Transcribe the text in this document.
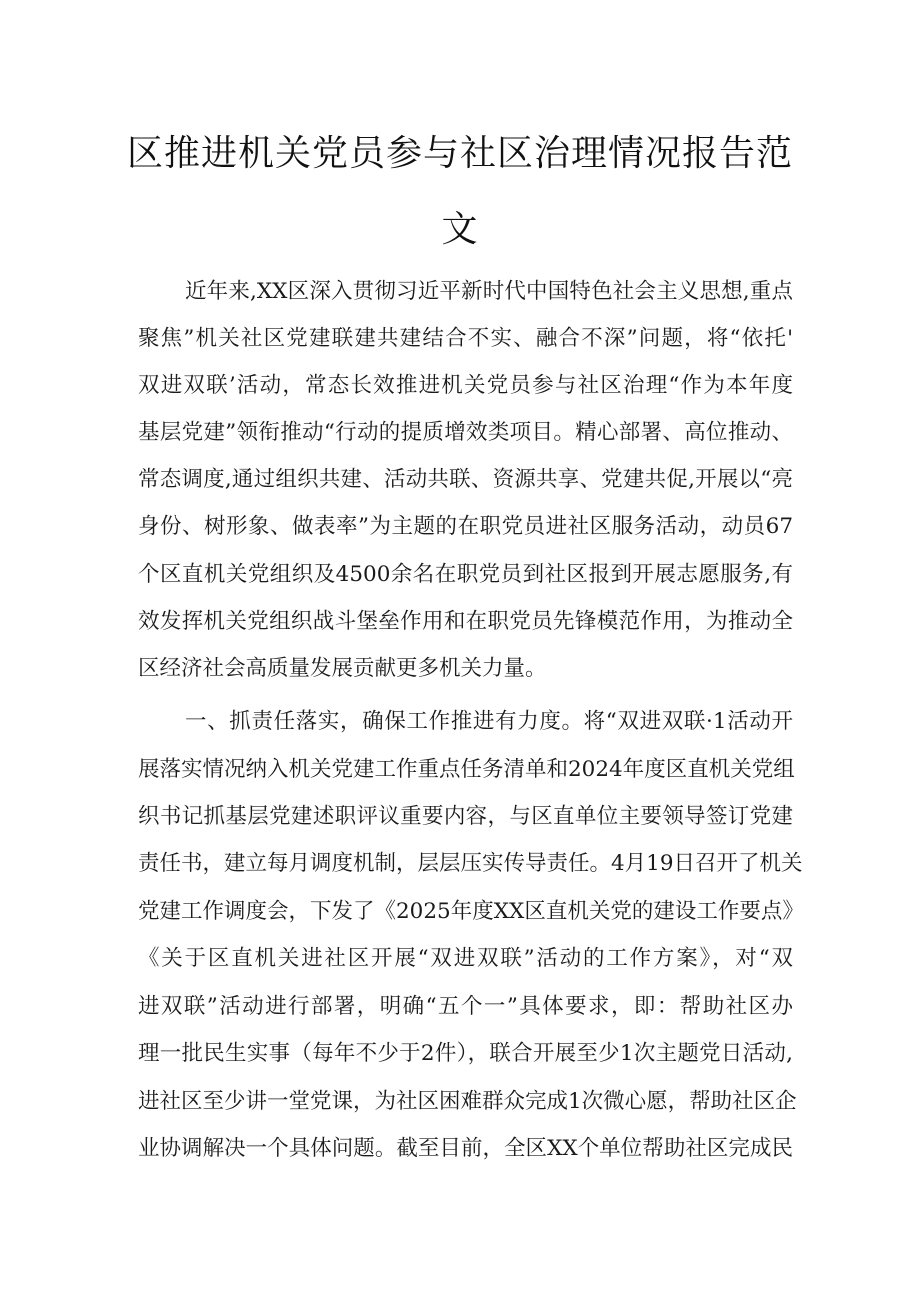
区推进机关党员参与社区治理情况报告范
文
近年来,XX区深入贯彻习近平新时代中国特色社会主义思想,重点
聚焦”机关社区党建联建共建结合不实、融合不深”问题，将“依托'
双进双联’活动，常态长效推进机关党员参与社区治理“作为本年度
基层党建”领衔推动“行动的提质增效类项目。精心部署、高位推动、
常态调度,通过组织共建、活动共联、资源共享、党建共促,开展以“亮
身份、树形象、做表率”为主题的在职党员进社区服务活动，动员67
个区直机关党组织及4500余名在职党员到社区报到开展志愿服务,有
效发挥机关党组织战斗堡垒作用和在职党员先锋模范作用，为推动全
区经济社会高质量发展贡献更多机关力量。
一、抓责任落实，确保工作推进有力度。将“双进双联·1活动开
展落实情况纳入机关党建工作重点任务清单和2024年度区直机关党组
织书记抓基层党建述职评议重要内容，与区直单位主要领导签订党建
责任书，建立每月调度机制，层层压实传导责任。4月19日召开了机关
党建工作调度会，下发了《2025年度XX区直机关党的建设工作要点》
《关于区直机关进社区开展“双进双联”活动的工作方案》，对“双
进双联”活动进行部署，明确“五个一”具体要求，即：帮助社区办
理一批民生实事（每年不少于2件），联合开展至少1次主题党日活动,
进社区至少讲一堂党课，为社区困难群众完成1次微心愿，帮助社区企
业协调解决一个具体问题。截至目前，全区XX个单位帮助社区完成民
